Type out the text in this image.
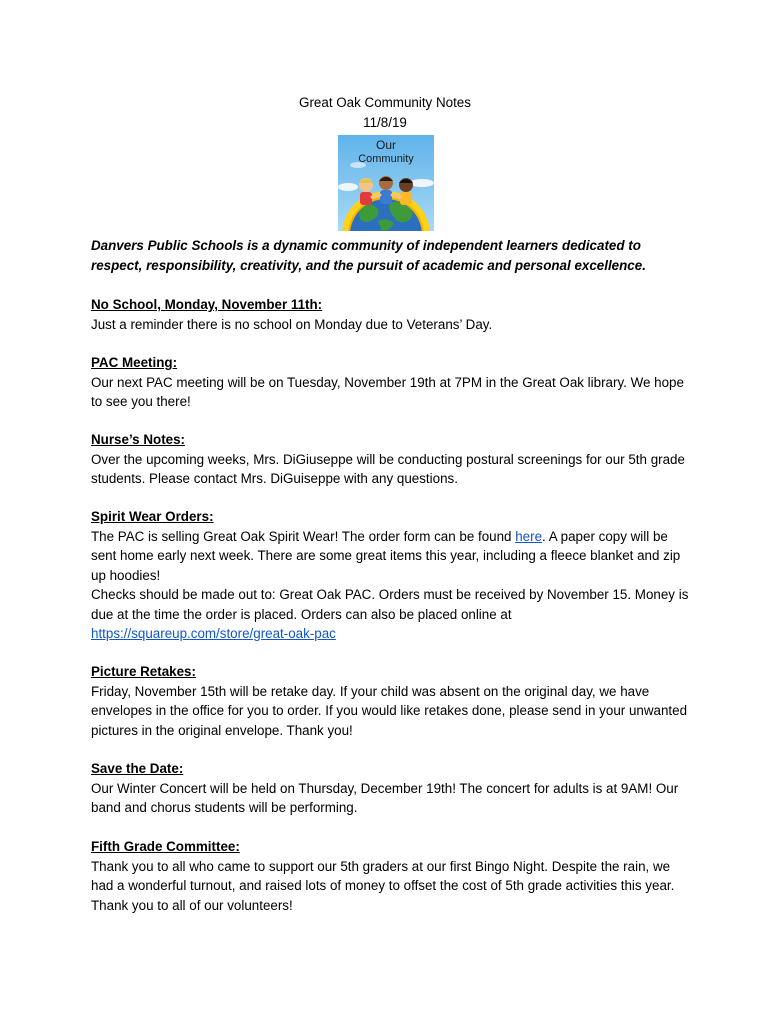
Great Oak Community Notes
11/8/19
Our
Community
Danvers Public Schools is a dynamic community of independent learners dedicated to respect, responsibility, creativity, and the pursuit of academic and personal excellence.
No School, Monday, November 11th:

Just a reminder there is no school on Monday due to Veterans’ Day.

PAC Meeting:

Our next PAC meeting will be on Tuesday, November 19th at 7PM in the Great Oak library. We hope to see you there!

Nurse’s Notes:

Over the upcoming weeks, Mrs. DiGiuseppe will be conducting postural screenings for our 5th grade students. Please contact Mrs. DiGuiseppe with any questions.

Spirit Wear Orders:

The PAC is selling Great Oak Spirit Wear! The order form can be found here. A paper copy will be sent home early next week. There are some great items this year, including a fleece blanket and zip up hoodies!

Checks should be made out to: Great Oak PAC. Orders must be received by November 15. Money is due at the time the order is placed. Orders can also be placed online at

https://squareup.com/store/great-oak-pac

Picture Retakes:

Friday, November 15th will be retake day. If your child was absent on the original day, we have envelopes in the office for you to order. If you would like retakes done, please send in your unwanted pictures in the original envelope. Thank you!

Save the Date:

Our Winter Concert will be held on Thursday, December 19th! The concert for adults is at 9AM! Our band and chorus students will be performing.

Fifth Grade Committee:

Thank you to all who came to support our 5th graders at our first Bingo Night. Despite the rain, we had a wonderful turnout, and raised lots of money to offset the cost of 5th grade activities this year. Thank you to all of our volunteers!
